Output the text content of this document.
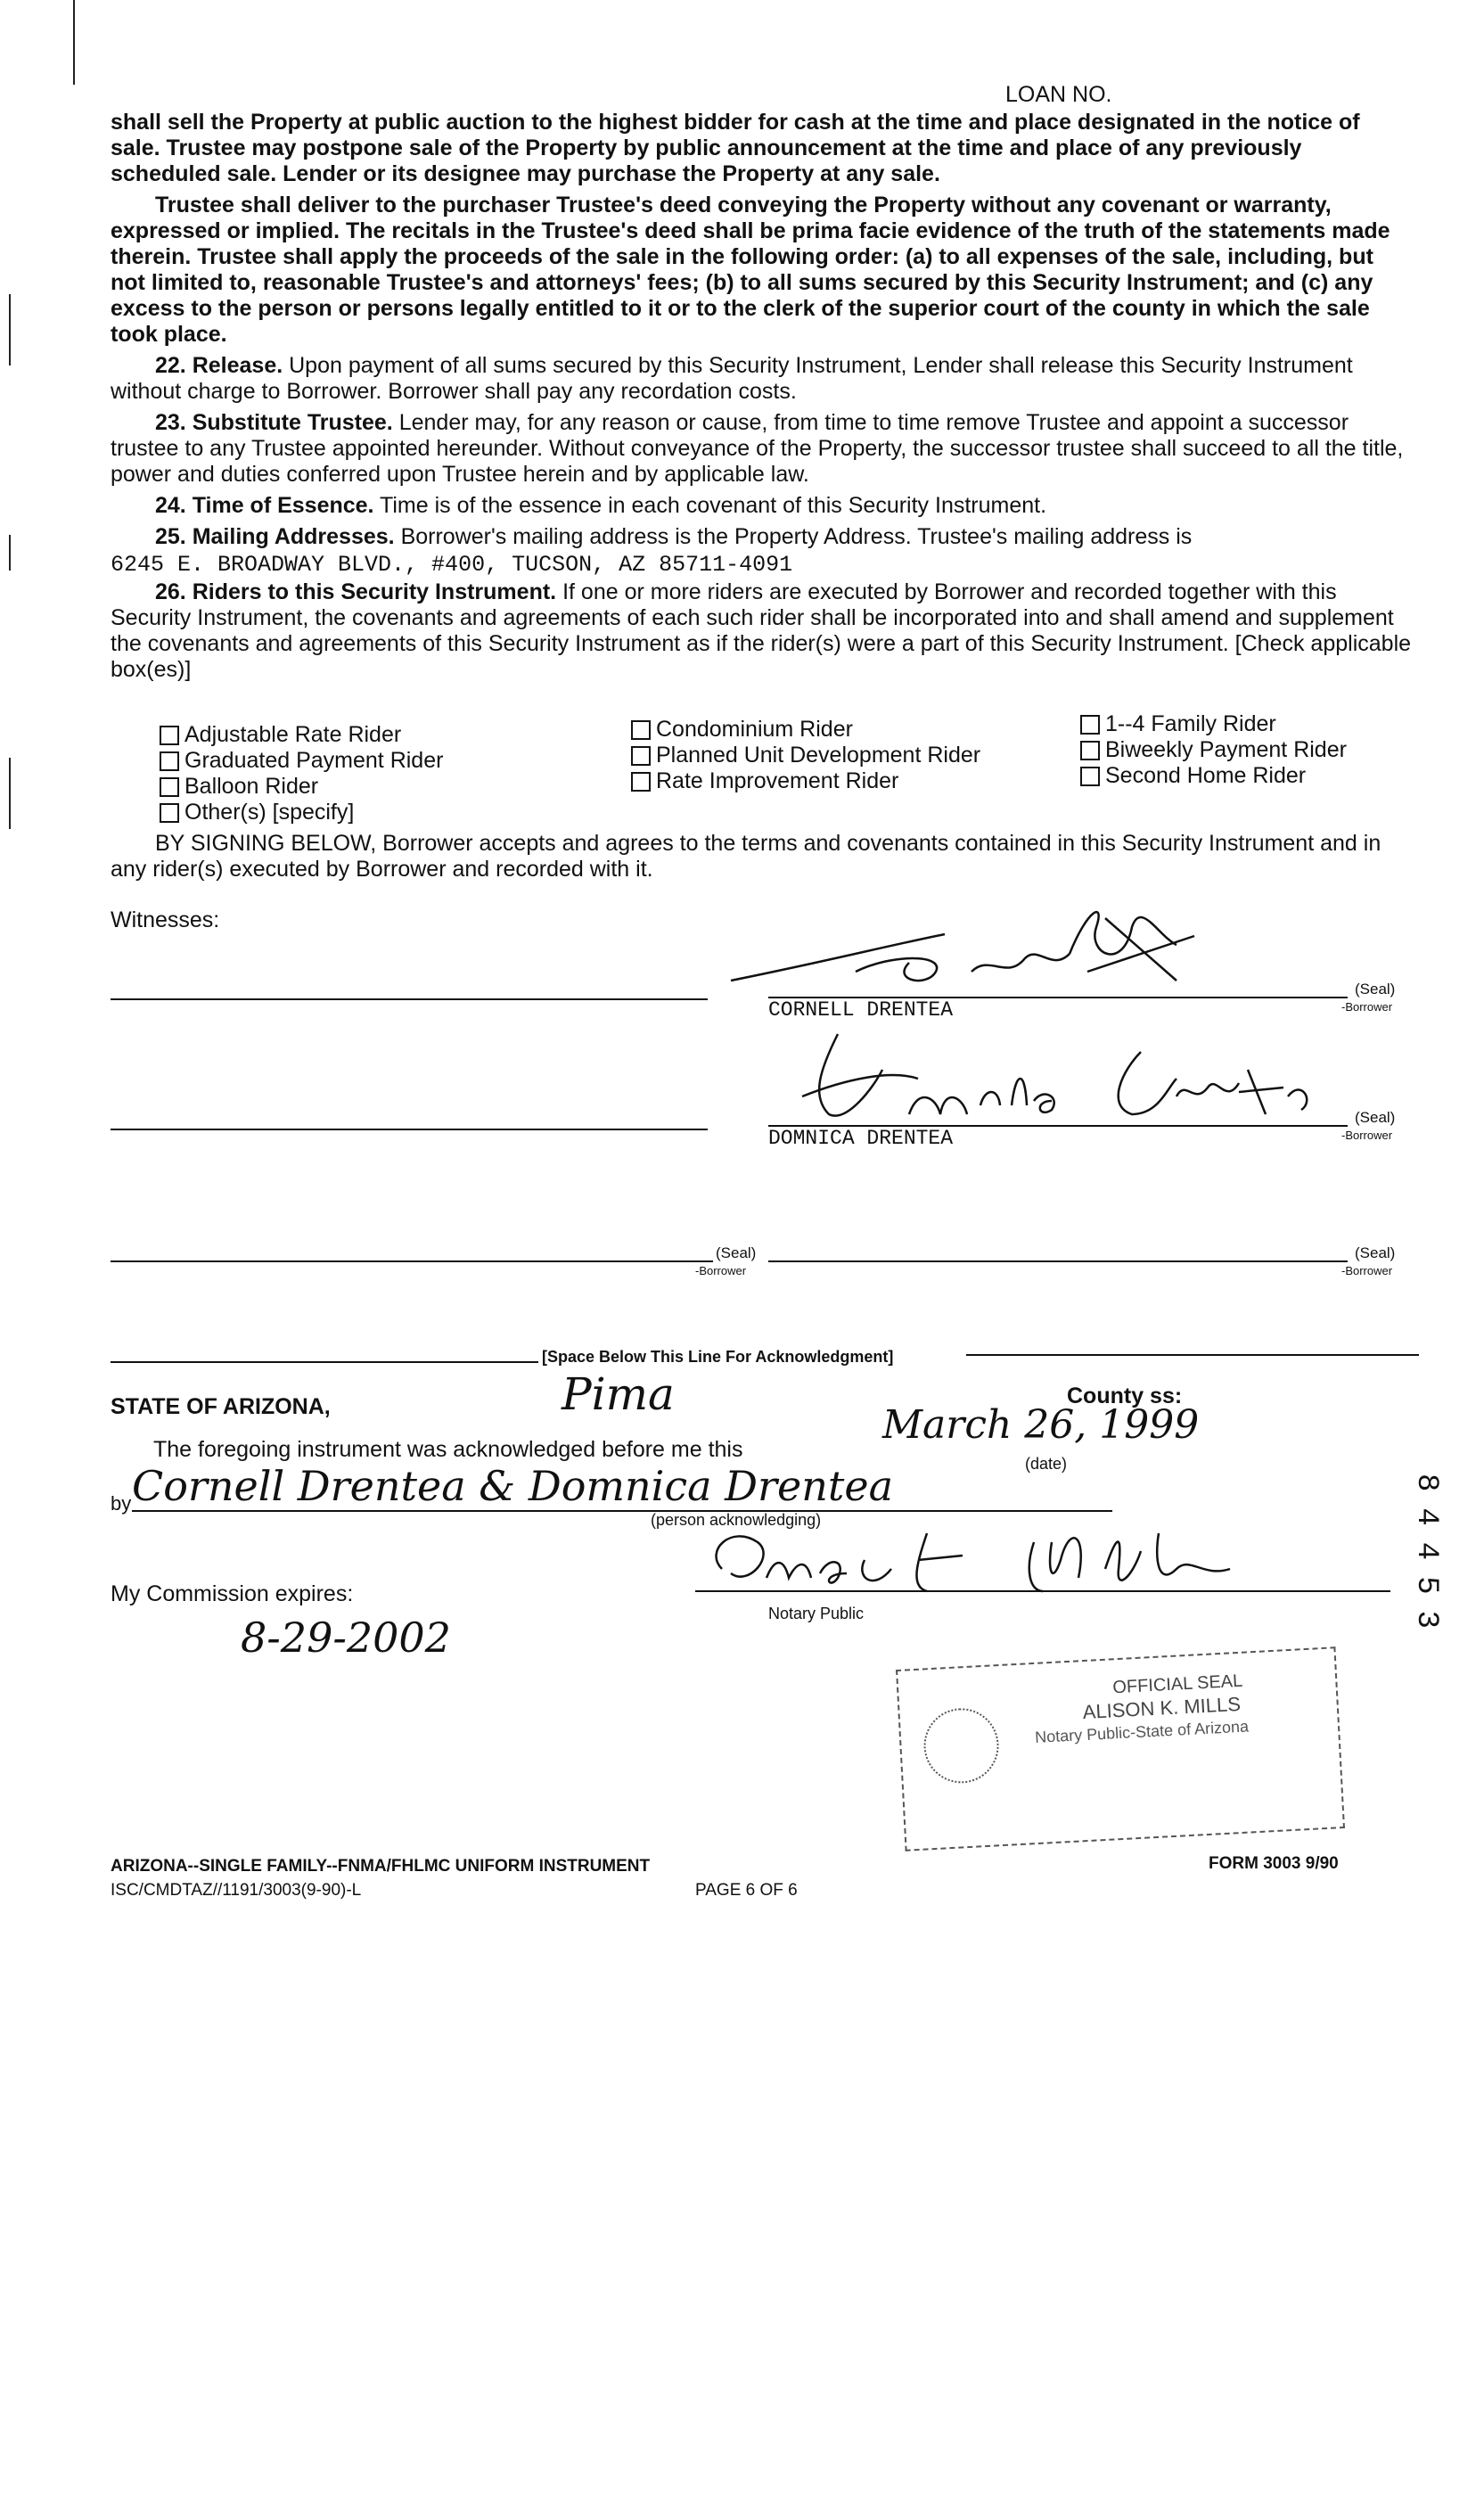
LOAN NO.

shall sell the Property at public auction to the highest bidder for cash at the time and place designated in the notice of sale. Trustee may postpone sale of the Property by public announcement at the time and place of any previously scheduled sale. Lender or its designee may purchase the Property at any sale.

Trustee shall deliver to the purchaser Trustee's deed conveying the Property without any covenant or warranty, expressed or implied. The recitals in the Trustee's deed shall be prima facie evidence of the truth of the statements made therein. Trustee shall apply the proceeds of the sale in the following order: (a) to all expenses of the sale, including, but not limited to, reasonable Trustee's and attorneys' fees; (b) to all sums secured by this Security Instrument; and (c) any excess to the person or persons legally entitled to it or to the clerk of the superior court of the county in which the sale took place.

22. Release. Upon payment of all sums secured by this Security Instrument, Lender shall release this Security Instrument without charge to Borrower. Borrower shall pay any recordation costs.

23. Substitute Trustee. Lender may, for any reason or cause, from time to time remove Trustee and appoint a successor trustee to any Trustee appointed hereunder. Without conveyance of the Property, the successor trustee shall succeed to all the title, power and duties conferred upon Trustee herein and by applicable law.

24. Time of Essence. Time is of the essence in each covenant of this Security Instrument.

25. Mailing Addresses. Borrower's mailing address is the Property Address. Trustee's mailing address is

6245 E. BROADWAY BLVD., #400, TUCSON, AZ 85711-4091

26. Riders to this Security Instrument. If one or more riders are executed by Borrower and recorded together with this Security Instrument, the covenants and agreements of each such rider shall be incorporated into and shall amend and supplement the covenants and agreements of this Security Instrument as if the rider(s) were a part of this Security Instrument. [Check applicable box(es)]

Adjustable Rate Rider
Graduated Payment Rider
Balloon Rider
Other(s) [specify]
Condominium Rider
Planned Unit Development Rider
Rate Improvement Rider
1--4 Family Rider
Biweekly Payment Rider
Second Home Rider

BY SIGNING BELOW, Borrower accepts and agrees to the terms and covenants contained in this Security Instrument and in any rider(s) executed by Borrower and recorded with it.

Witnesses:
(Seal)
-Borrower
CORNELL DRENTEA
(Seal)
-Borrower
DOMNICA DRENTEA
(Seal)
-Borrower
(Seal)
-Borrower
[Space Below This Line For Acknowledgment]
STATE OF ARIZONA,	Pima	County ss:
March 26, 1999
The foregoing instrument was acknowledged before me this
(date)
by Cornell Drentea & Domnica Drentea
(person acknowledging)
My Commission expires:
8-29-2002	Notary Public
OFFICIAL SEAL
ALISON K. MILLS
Notary Public-State of Arizona
84453
ARIZONA--SINGLE FAMILY--FNMA/FHLMC UNIFORM INSTRUMENT	FORM 3003 9/90
ISC/CMDTAZ//1191/3003(9-90)-L	PAGE 6 OF 6
